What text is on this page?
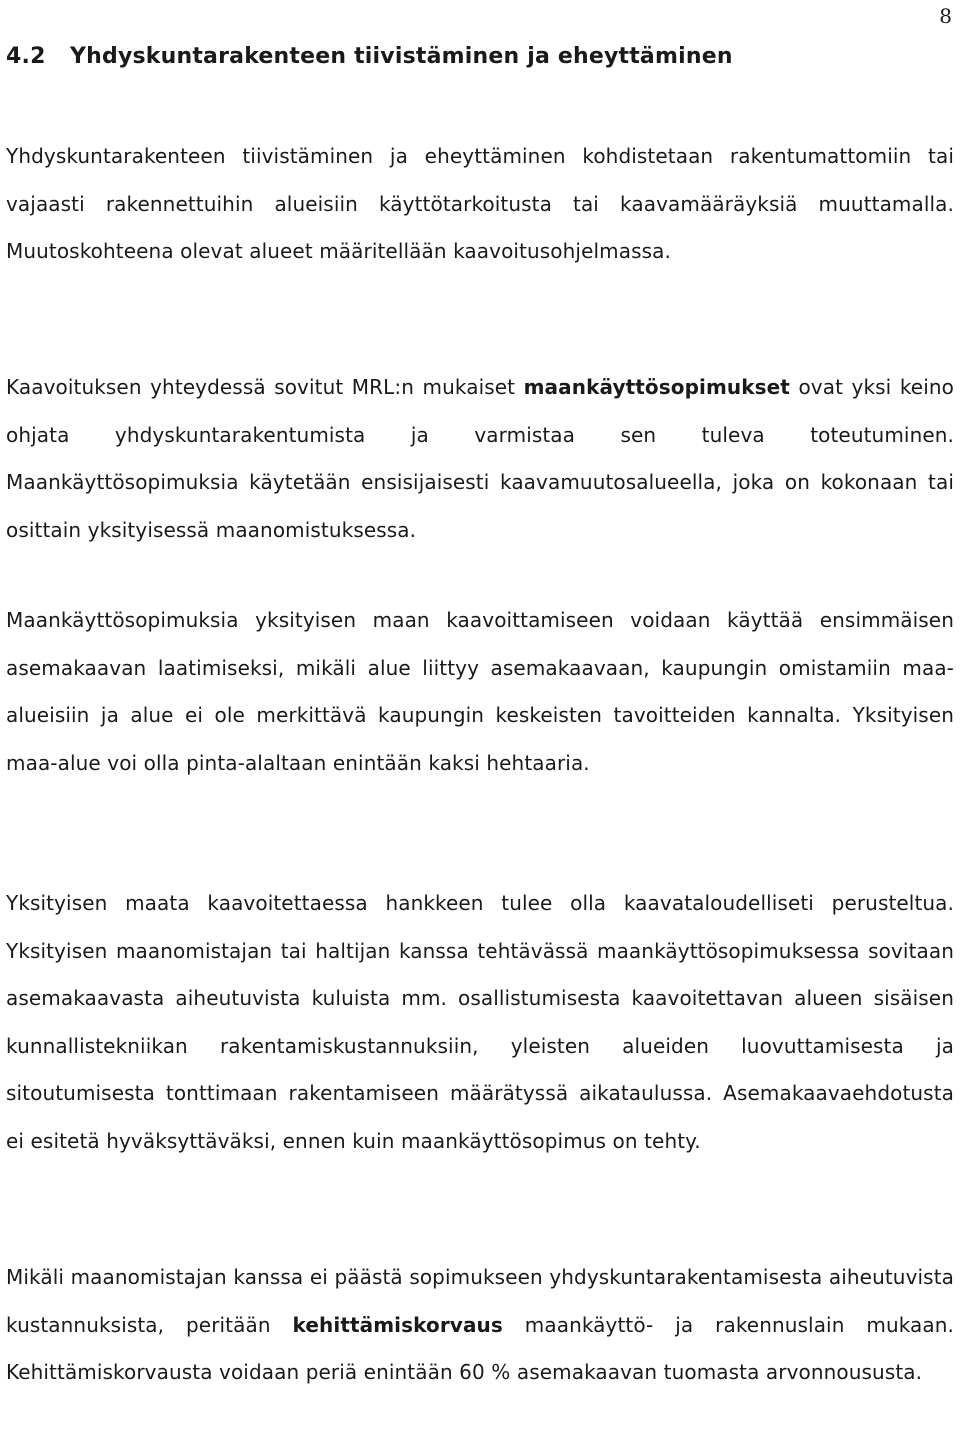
8
4.2 Yhdyskuntarakenteen tiivistäminen ja eheyttäminen

Yhdyskuntarakenteen tiivistäminen ja eheyttäminen kohdistetaan rakentumattomiin tai vajaasti rakennettuihin alueisiin käyttötarkoitusta tai kaavamääräyksiä muuttamalla. Muutoskohteena olevat alueet määritellään kaavoitusohjelmassa.

Kaavoituksen yhteydessä sovitut MRL:n mukaiset maankäyttösopimukset ovat yksi keino ohjata yhdyskuntarakentumista ja varmistaa sen tuleva toteutuminen. Maankäyttösopimuksia käytetään ensisijaisesti kaavamuutosalueella, joka on kokonaan tai osittain yksityisessä maanomistuksessa.

Maankäyttösopimuksia yksityisen maan kaavoittamiseen voidaan käyttää ensimmäisen asemakaavan laatimiseksi, mikäli alue liittyy asemakaavaan, kaupungin omistamiin maa-alueisiin ja alue ei ole merkittävä kaupungin keskeisten tavoitteiden kannalta. Yksityisen maa-alue voi olla pinta-alaltaan enintään kaksi hehtaaria.

Yksityisen maata kaavoitettaessa hankkeen tulee olla kaavataloudelliseti perusteltua. Yksityisen maanomistajan tai haltijan kanssa tehtävässä maankäyttösopimuksessa sovitaan asemakaavasta aiheutuvista kuluista mm. osallistumisesta kaavoitettavan alueen sisäisen kunnallistekniikan rakentamiskustannuksiin, yleisten alueiden luovuttamisesta ja sitoutumisesta tonttimaan rakentamiseen määrätyssä aikataulussa. Asemakaavaehdotusta ei esitetä hyväksyttäväksi, ennen kuin maankäyttösopimus on tehty.

Mikäli maanomistajan kanssa ei päästä sopimukseen yhdyskuntarakentamisesta aiheutuvista kustannuksista, peritään kehittämiskorvaus maankäyttö- ja rakennuslain mukaan. Kehittämiskorvausta voidaan periä enintään 60 % asemakaavan tuomasta arvonnoususta.
